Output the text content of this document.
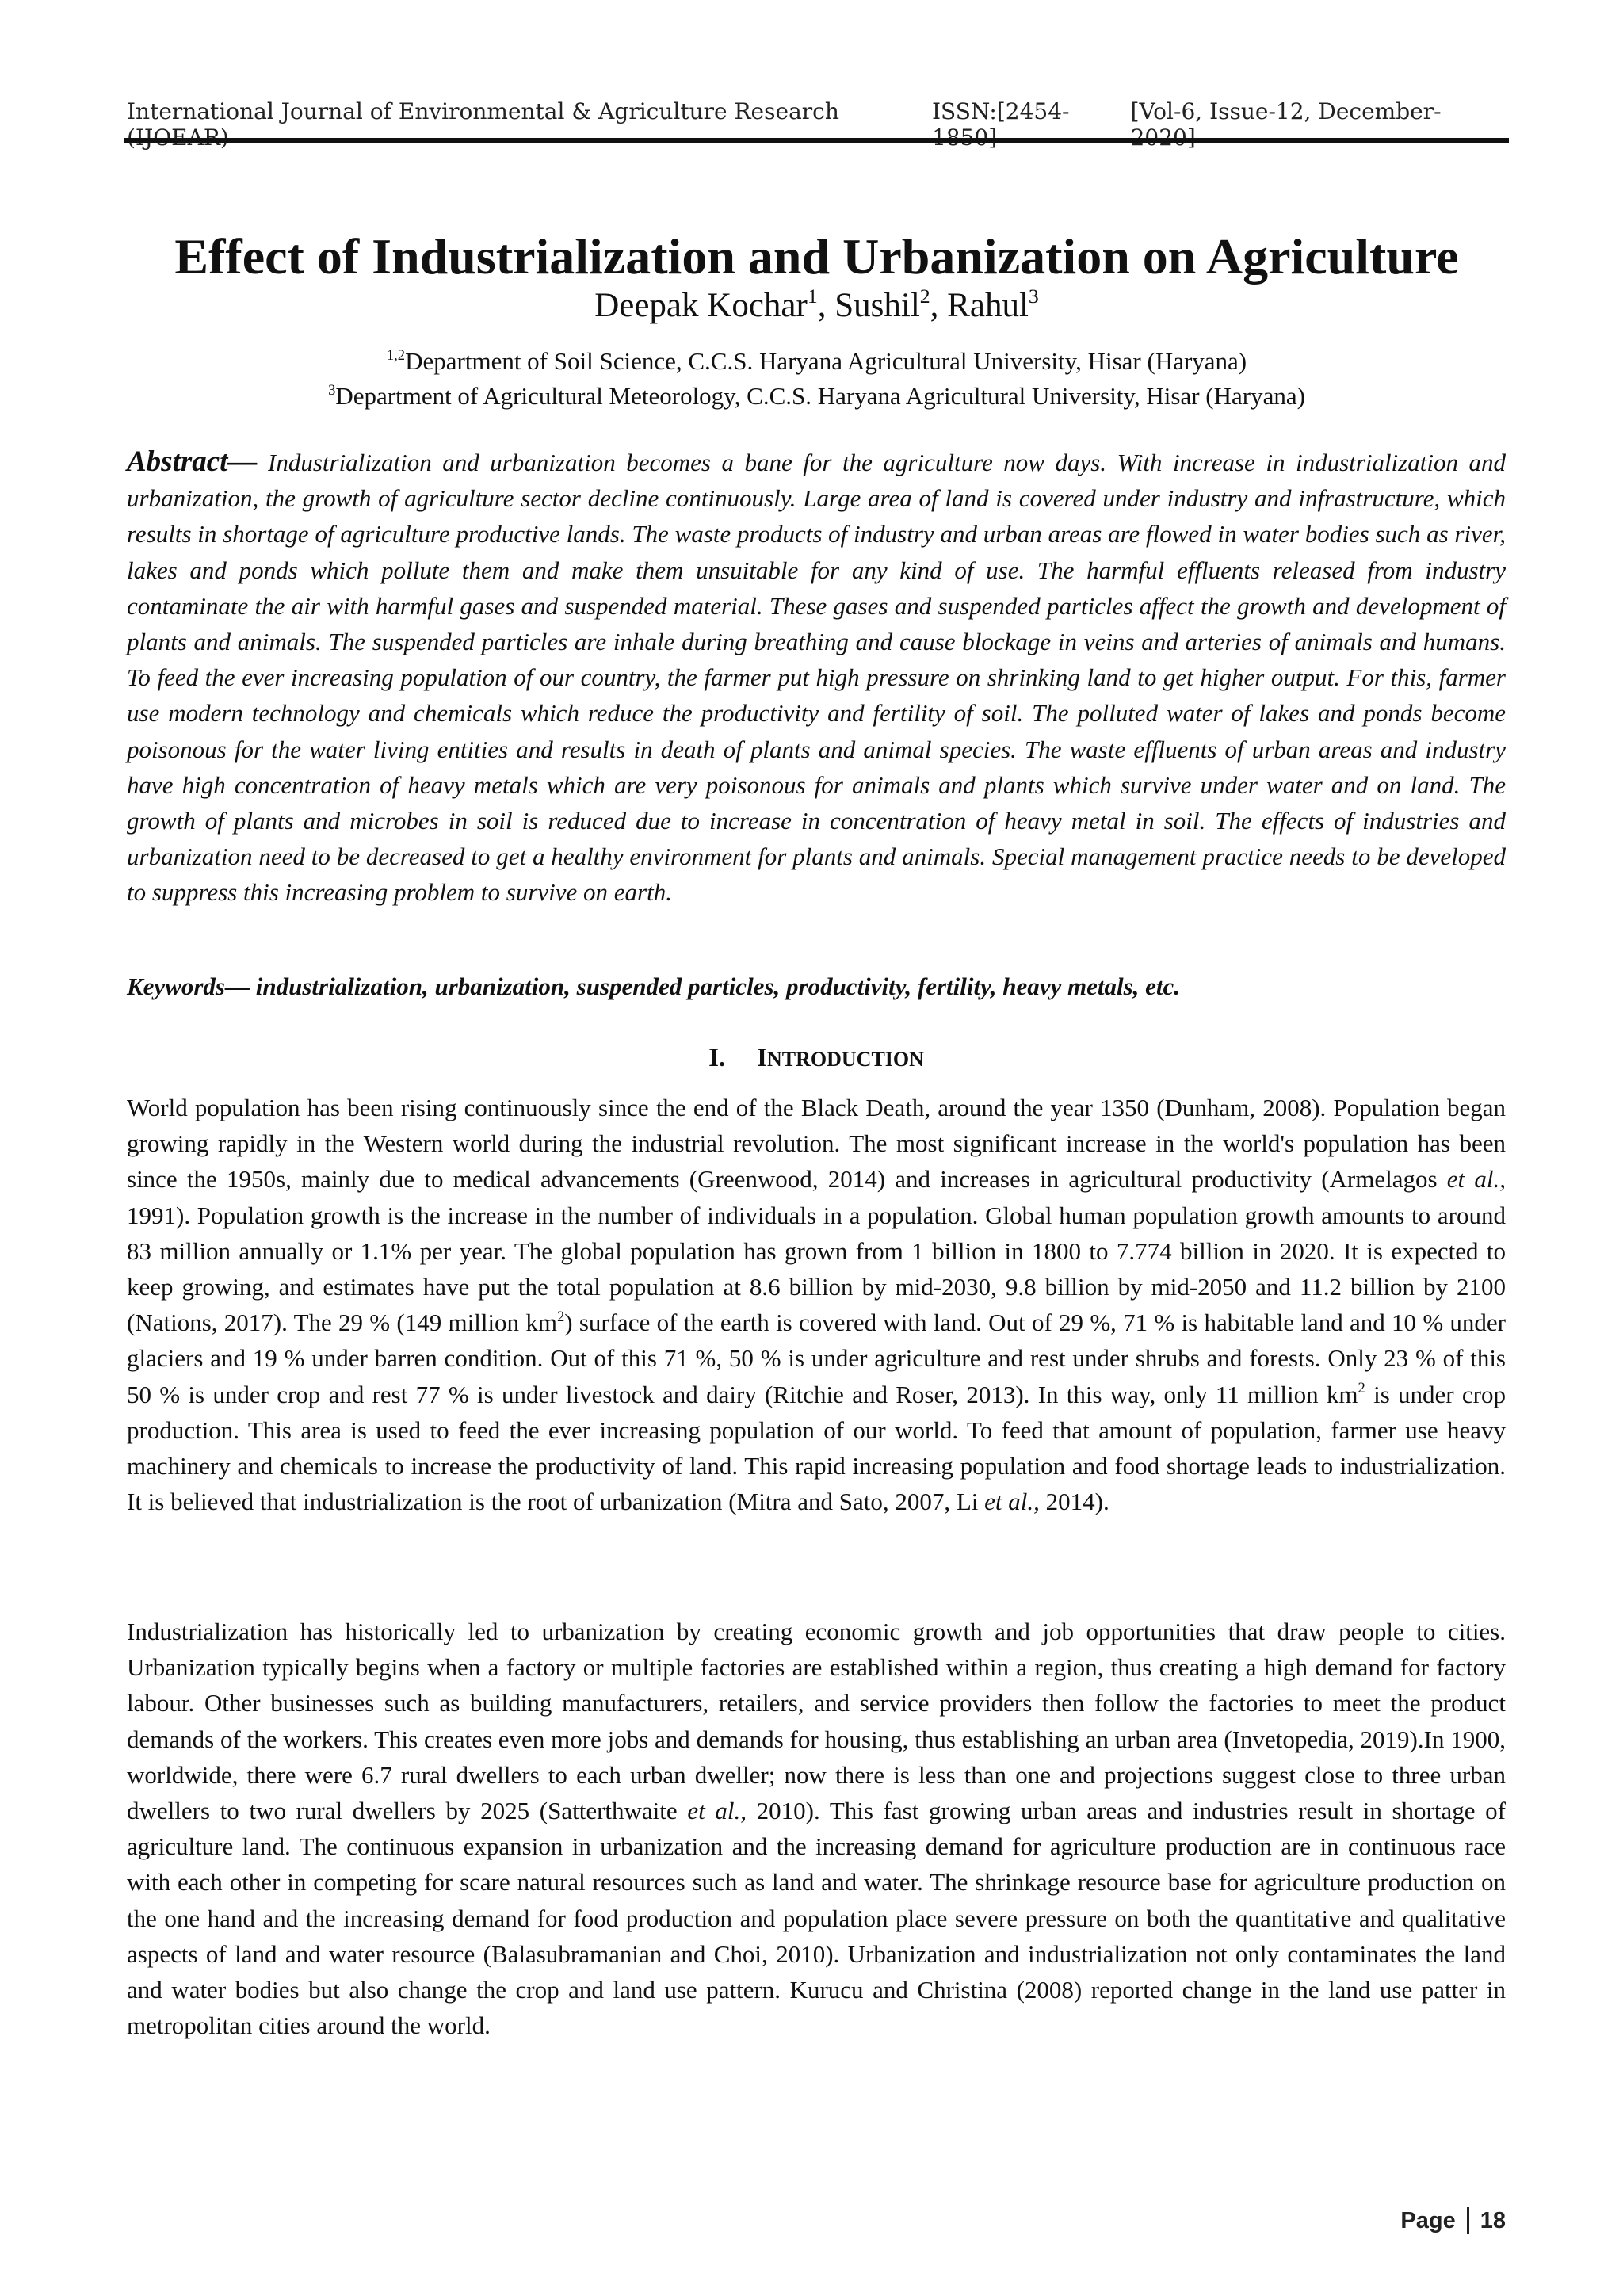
International Journal of Environmental & Agriculture Research	ISSN:[2454-	[Vol-6, Issue-12, December-
Effect of Industrialization and Urbanization on Agriculture
Deepak Kochar$^1$, Sushil$^2$, Rahul$^3$
$^{1,2}$Department of Soil Science, C.C.S. Haryana Agricultural University, Hisar (Haryana)
$^3$Department of Agricultural Meteorology, C.C.S. Haryana Agricultural University, Hisar (Haryana)

Abstract— Industrialization and urbanization becomes a bane for the agriculture now days. With increase in industrialization and urbanization, the growth of agriculture sector decline continuously. Large area of land is covered under industry and infrastructure, which results in shortage of agriculture productive lands. The waste products of industry and urban areas are flowed in water bodies such as river, lakes and ponds which pollute them and make them unsuitable for any kind of use. The harmful effluents released from industry contaminate the air with harmful gases and suspended material. These gases and suspended particles affect the growth and development of plants and animals. The suspended particles are inhale during breathing and cause blockage in veins and arteries of animals and humans. To feed the ever increasing population of our country, the farmer put high pressure on shrinking land to get higher output. For this, farmer use modern technology and chemicals which reduce the productivity and fertility of soil. The polluted water of lakes and ponds become poisonous for the water living entities and results in death of plants and animal species. The waste effluents of urban areas and industry have high concentration of heavy metals which are very poisonous for animals and plants which survive under water and on land. The growth of plants and microbes in soil is reduced due to increase in concentration of heavy metal in soil. The effects of industries and urbanization need to be decreased to get a healthy environment for plants and animals. Special management practice needs to be developed to suppress this increasing problem to survive on earth.

Keywords— industrialization, urbanization, suspended particles, productivity, fertility, heavy metals, etc.

I. INTRODUCTION

World population has been rising continuously since the end of the Black Death, around the year 1350 (Dunham, 2008). Population began growing rapidly in the Western world during the industrial revolution. The most significant increase in the world's population has been since the 1950s, mainly due to medical advancements (Greenwood, 2014) and increases in agricultural productivity (Armelagos et al., 1991). Population growth is the increase in the number of individuals in a population. Global human population growth amounts to around 83 million annually or 1.1% per year. The global population has grown from 1 billion in 1800 to 7.774 billion in 2020. It is expected to keep growing, and estimates have put the total population at 8.6 billion by mid-2030, 9.8 billion by mid-2050 and 11.2 billion by 2100 (Nations, 2017). The 29 % (149 million $km^2$) surface of the earth is covered with land. Out of 29 %, 71 % is habitable land and 10 % under glaciers and 19 % under barren condition. Out of this 71 %, 50 % is under agriculture and rest under shrubs and forests. Only 23 % of this 50 % is under crop and rest 77 % is under livestock and dairy (Ritchie and Roser, 2013). In this way, only 11 million $km^2$ is under crop production. This area is used to feed the ever increasing population of our world. To feed that amount of population, farmer use heavy machinery and chemicals to increase the productivity of land. This rapid increasing population and food shortage leads to industrialization. It is believed that industrialization is the root of urbanization (Mitra and Sato, 2007, Li et al., 2014).

Industrialization has historically led to urbanization by creating economic growth and job opportunities that draw people to cities. Urbanization typically begins when a factory or multiple factories are established within a region, thus creating a high demand for factory labour. Other businesses such as building manufacturers, retailers, and service providers then follow the factories to meet the product demands of the workers. This creates even more jobs and demands for housing, thus establishing an urban area (Invetopedia, 2019).In 1900, worldwide, there were 6.7 rural dwellers to each urban dweller; now there is less than one and projections suggest close to three urban dwellers to two rural dwellers by 2025 (Satterthwaite et al., 2010). This fast growing urban areas and industries result in shortage of agriculture land. The continuous expansion in urbanization and the increasing demand for agriculture production are in continuous race with each other in competing for scare natural resources such as land and water. The shrinkage resource base for agriculture production on the one hand and the increasing demand for food production and population place severe pressure on both the quantitative and qualitative aspects of land and water resource (Balasubramanian and Choi, 2010). Urbanization and industrialization not only contaminates the land and water bodies but also change the crop and land use pattern. Kurucu and Christina (2008) reported change in the land use patter in metropolitan cities around the world.

Page 18
